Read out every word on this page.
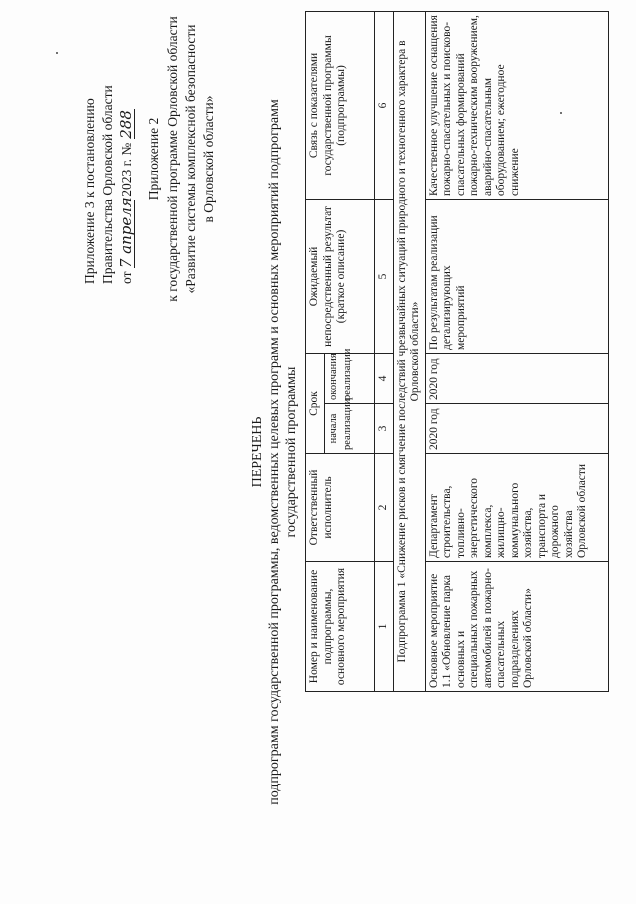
Приложение 3 к постановлению Правительства Орловской области от 7 апреля 2023 г. № 288 Приложение 2 к государственной программе Орловской области «Развитие системы комплексной безопасности в Орловской области»
ПЕРЕЧЕНЬ подпрограмм государственной программы, ведомственных целевых программ и основных мероприятий подпрограмм государственной программы
Номер и наименование подпрограммы, основного мероприятия	Ответственный исполнитель	Срок		Ожидаемый непосредственный результат (краткое описание)	Связь с показателями государственной программы (подпрограммы)
		начала реализации	окончания реализации		
1	2	3	4	5	6
Подпрограмма 1 «Снижение рисков и смягчение последствий чрезвычайных ситуаций природного и техногенного характера в Орловской области»					
Основное мероприятие 1.1 «Обновление парка основных и специальных пожарных автомобилей в пожарно-спасательных подразделениях Орловской области»	Департамент строительства, топливно-энергетического комплекса, жилищно-коммунального хозяйства, транспорта и дорожного хозяйства Орловской области	2020 год	2020 год	По результатам реализации детализирующих мероприятий	Качественное улучшение оснащения пожарно-спасательных и поисково-спасательных формирований пожарно-техническим вооружением, аварийно-спасательным оборудованием; ежегодное снижение
